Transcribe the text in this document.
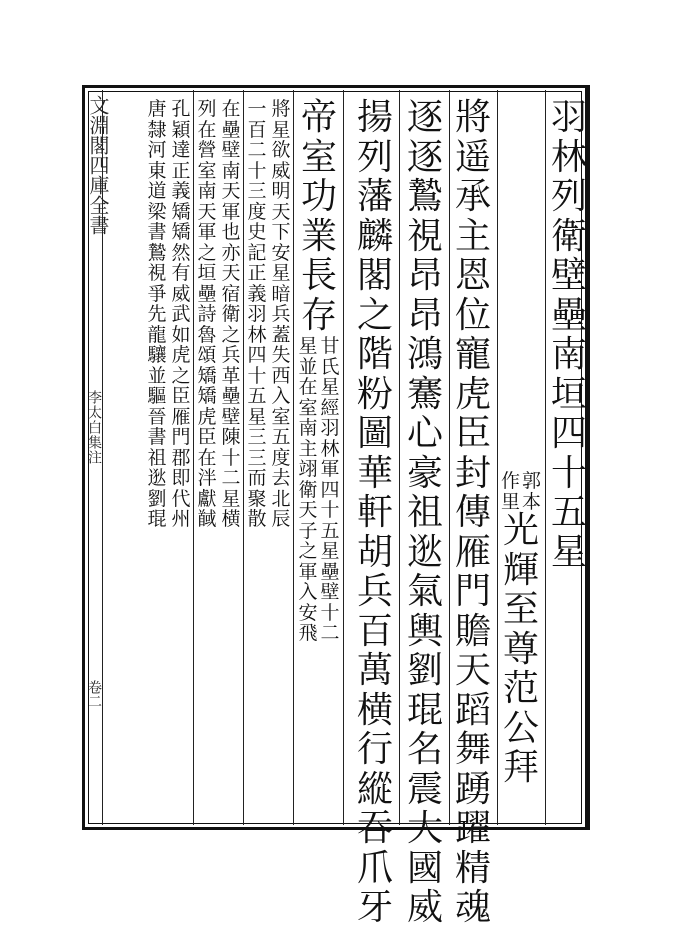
文淵閣四庫全書
李太白集注
卷二
羽
林
列
衛
壁
壘
南
垣
四
十
五
星
郭
本
作
里
光
輝
至
尊
范
公
拜
將
遥
承
主
恩
位
寵
虎
臣
封
傳
雁
門
贍
天
蹈
舞
踴
躍
精
魂
逐
逐
鷙
視
昂
昂
鴻
騫
心
豪
祖
逖
氣
輿
劉
琨
名
震
大
國
威
揚
列
藩
麟
閣
之
階
粉
圖
華
軒
胡
兵
百
萬
横
行
縱
吞
爪
牙
帝
室
功
業
長
存
甘
氏
星
經
羽
林
軍
四
十
五
星
壘
壁
十
二
星
並
在
室
南
主
翊
衛
天
子
之
軍
入
安
飛
將
星
欲
威
明
天
下
安
星
暗
兵
蓋
失
西
入
室
五
度
去
北
辰
一
百
二
十
三
度
史
記
正
義
羽
林
四
十
五
星
三
三
而
聚
散
在
壘
壁
南
天
軍
也
亦
天
宿
衛
之
兵
革
壘
壁
陳
十
二
星
横
列
在
營
室
南
天
軍
之
垣
壘
詩
魯
頌
矯
矯
虎
臣
在
泮
獻
馘
孔
穎
達
正
義
矯
矯
然
有
威
武
如
虎
之
臣
雁
門
郡
即
代
州
唐
隸
河
東
道
梁
書
鷙
視
爭
先
龍
驤
並
驅
晉
書
祖
逖
劉
琨
